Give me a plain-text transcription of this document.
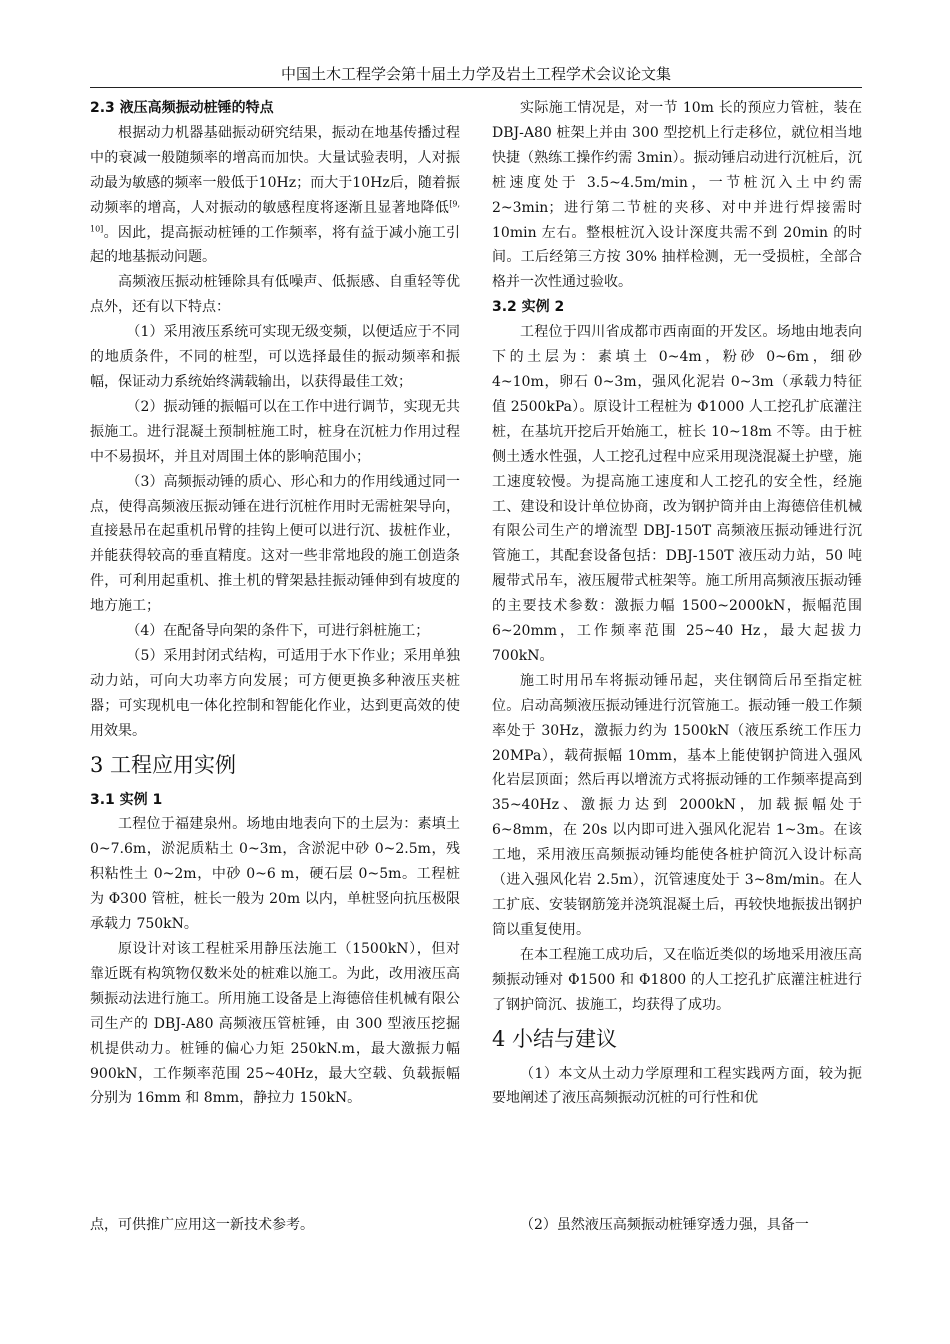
中国土木工程学会第十届土力学及岩土工程学术会议论文集
2.3 液压高频振动桩锤的特点

根据动力机器基础振动研究结果，振动在地基传播过程中的衰减一般随频率的增高而加快。大量试验表明，人对振动最为敏感的频率一般低于10Hz；而大于10Hz后，随着振动频率的增高，人对振动的敏感程度将逐渐且显著地降低[9, 10]。因此，提高振动桩锤的工作频率，将有益于减小施工引起的地基振动问题。

高频液压振动桩锤除具有低噪声、低振感、自重轻等优点外，还有以下特点：

（1）采用液压系统可实现无级变频，以便适应于不同的地质条件，不同的桩型，可以选择最佳的振动频率和振幅，保证动力系统始终满载输出，以获得最佳工效；

（2）振动锤的振幅可以在工作中进行调节，实现无共振施工。进行混凝土预制桩施工时，桩身在沉桩力作用过程中不易损坏，并且对周围土体的影响范围小；

（3）高频振动锤的质心、形心和力的作用线通过同一点，使得高频液压振动锤在进行沉桩作用时无需桩架导向，直接悬吊在起重机吊臂的挂钩上便可以进行沉、拔桩作业，并能获得较高的垂直精度。这对一些非常地段的施工创造条件，可利用起重机、推土机的臂架悬挂振动锤伸到有坡度的地方施工；

（4）在配备导向架的条件下，可进行斜桩施工；

（5）采用封闭式结构，可适用于水下作业；采用单独动力站，可向大功率方向发展；可方便更换多种液压夹桩器；可实现机电一体化控制和智能化作业，达到更高效的使用效果。

3 工程应用实例
3.1 实例 1

工程位于福建泉州。场地由地表向下的土层为：素填土 0~7.6m，淤泥质粘土 0~3m，含淤泥中砂 0~2.5m，残积粘性土 0~2m，中砂 0~6 m，硬石层 0~5m。工程桩为 Φ300 管桩，桩长一般为 20m 以内，单桩竖向抗压极限承载力 750kN。

原设计对该工程桩采用静压法施工（1500kN），但对靠近既有构筑物仅数米处的桩难以施工。为此，改用液压高频振动法进行施工。所用施工设备是上海德倍佳机械有限公司生产的 DBJ-A80 高频液压管桩锤，由 300 型液压挖掘机提供动力。桩锤的偏心力矩 250kN.m，最大激振力幅 900kN，工作频率范围 25~40Hz，最大空载、负载振幅分别为 16mm 和 8mm，静拉力 150kN。

实际施工情况是，对一节 10m 长的预应力管桩，装在 DBJ-A80 桩架上并由 300 型挖机上行走移位，就位相当地快捷（熟练工操作约需 3min）。振动锤启动进行沉桩后，沉桩速度处于 3.5~4.5m/min，一节桩沉入土中约需 2~3min；进行第二节桩的夹移、对中并进行焊接需时 10min 左右。整根桩沉入设计深度共需不到 20min 的时间。工后经第三方按 30% 抽样检测，无一受损桩，全部合格并一次性通过验收。

3.2 实例 2

工程位于四川省成都市西南面的开发区。场地由地表向下的土层为：素填土 0~4m，粉砂 0~6m，细砂 4~10m，卵石 0~3m，强风化泥岩 0~3m（承载力特征值 2500kPa）。原设计工程桩为 Φ1000 人工挖孔扩底灌注桩，在基坑开挖后开始施工，桩长 10~18m 不等。由于桩侧土透水性强，人工挖孔过程中应采用现浇混凝土护壁，施工速度较慢。为提高施工速度和人工挖孔的安全性，经施工、建设和设计单位协商，改为钢护筒并由上海德倍佳机械有限公司生产的增流型 DBJ-150T 高频液压振动锤进行沉管施工，其配套设备包括：DBJ-150T 液压动力站，50 吨履带式吊车，液压履带式桩架等。施工所用高频液压振动锤的主要技术参数：激振力幅 1500~2000kN，振幅范围 6~20mm，工作频率范围 25~40 Hz，最大起拔力 700kN。

施工时用吊车将振动锤吊起，夹住钢筒后吊至指定桩位。启动高频液压振动锤进行沉管施工。振动锤一般工作频率处于 30Hz，激振力约为 1500kN（液压系统工作压力 20MPa），载荷振幅 10mm，基本上能使钢护筒进入强风化岩层顶面；然后再以增流方式将振动锤的工作频率提高到 35~40Hz、激振力达到 2000kN，加载振幅处于 6~8mm，在 20s 以内即可进入强风化泥岩 1~3m。在该工地，采用液压高频振动锤均能使各桩护筒沉入设计标高（进入强风化岩 2.5m），沉管速度处于 3~8m/min。在人工扩底、安装钢筋笼并浇筑混凝土后，再较快地振拔出钢护筒以重复使用。

在本工程施工成功后，又在临近类似的场地采用液压高频振动锤对 Φ1500 和 Φ1800 的人工挖孔扩底灌注桩进行了钢护筒沉、拔施工，均获得了成功。

4 小结与建议

（1）本文从土动力学原理和工程实践两方面，较为扼要地阐述了液压高频振动沉桩的可行性和优

点，可供推广应用这一新技术参考。	（2）虽然液压高频振动桩锤穿透力强，具备一
